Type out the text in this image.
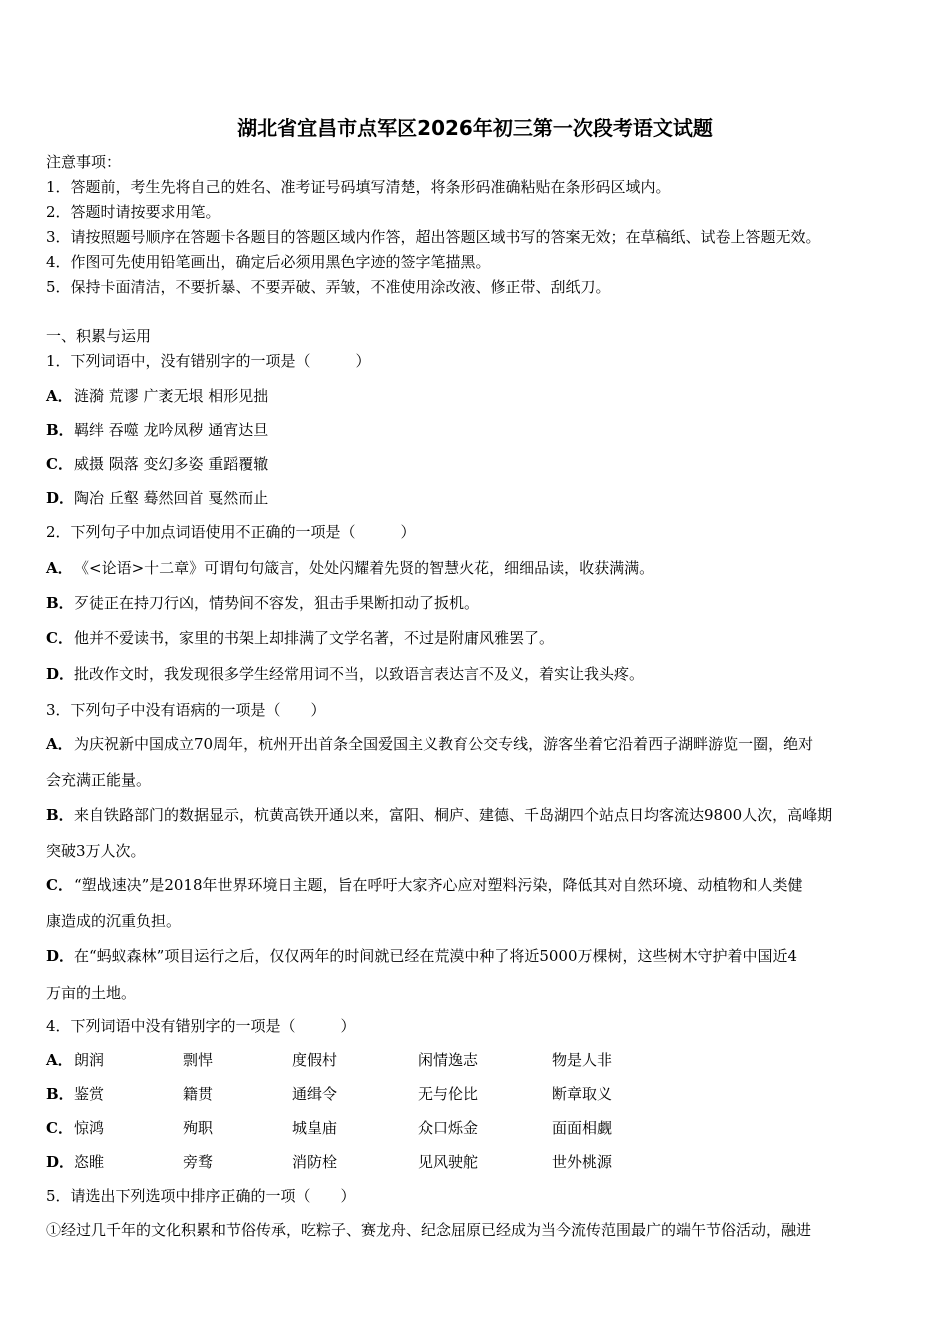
湖北省宜昌市点军区2026年初三第一次段考语文试题
注意事项：
1．答题前，考生先将自己的姓名、准考证号码填写清楚，将条形码准确粘贴在条形码区域内。
2．答题时请按要求用笔。
3．请按照题号顺序在答题卡各题目的答题区域内作答，超出答题区域书写的答案无效；在草稿纸、试卷上答题无效。
4．作图可先使用铅笔画出，确定后必须用黑色字迹的签字笔描黑。
5．保持卡面清洁，不要折暴、不要弄破、弄皱，不准使用涂改液、修正带、刮纸刀。
一、积累与运用
1．下列词语中，没有错别字的一项是（　　　）
A．涟漪 荒谬 广袤无垠 相形见拙
B．羁绊 吞噬 龙吟凤秽 通宵达旦
C．威摄 陨落 变幻多姿 重蹈覆辙
D．陶冶 丘壑 蓦然回首 戛然而止
2．下列句子中加点词语使用不正确的一项是（　　　）
A．《<论语>十二章》可谓句句箴言，处处闪耀着先贤的智慧火花，细细品读，收获满满。
B．歹徒正在持刀行凶，情势间不容发，狙击手果断扣动了扳机。
C．他并不爱读书，家里的书架上却排满了文学名著，不过是附庸风雅罢了。
D．批改作文时，我发现很多学生经常用词不当，以致语言表达言不及义，着实让我头疼。
3．下列句子中没有语病的一项是（　　）
A．为庆祝新中国成立70周年，杭州开出首条全国爱国主义教育公交专线，游客坐着它沿着西子湖畔游览一圈，绝对
会充满正能量。
B．来自铁路部门的数据显示，杭黄高铁开通以来，富阳、桐庐、建德、千岛湖四个站点日均客流达9800人次，高峰期
突破3万人次。
C．“塑战速决”是2018年世界环境日主题，旨在呼吁大家齐心应对塑料污染，降低其对自然环境、动植物和人类健
康造成的沉重负担。
D．在“蚂蚁森林”项目运行之后，仅仅两年的时间就已经在荒漠中种了将近5000万棵树，这些树木守护着中国近4
万亩的土地。
4．下列词语中没有错别字的一项是（　　　）
A． 朗润	剽悍	度假村	闲情逸志	物是人非
B． 鉴赏	籍贯	通缉令	无与伦比	断章取义
C． 惊鸿	殉职	城皇庙	众口烁金	面面相觑
D． 恣睢	旁骛	消防栓	见风驶舵	世外桃源
5．请选出下列选项中排序正确的一项（　　）
①经过几千年的文化积累和节俗传承，吃粽子、赛龙舟、纪念屈原已经成为当今流传范围最广的端午节俗活动，融进
